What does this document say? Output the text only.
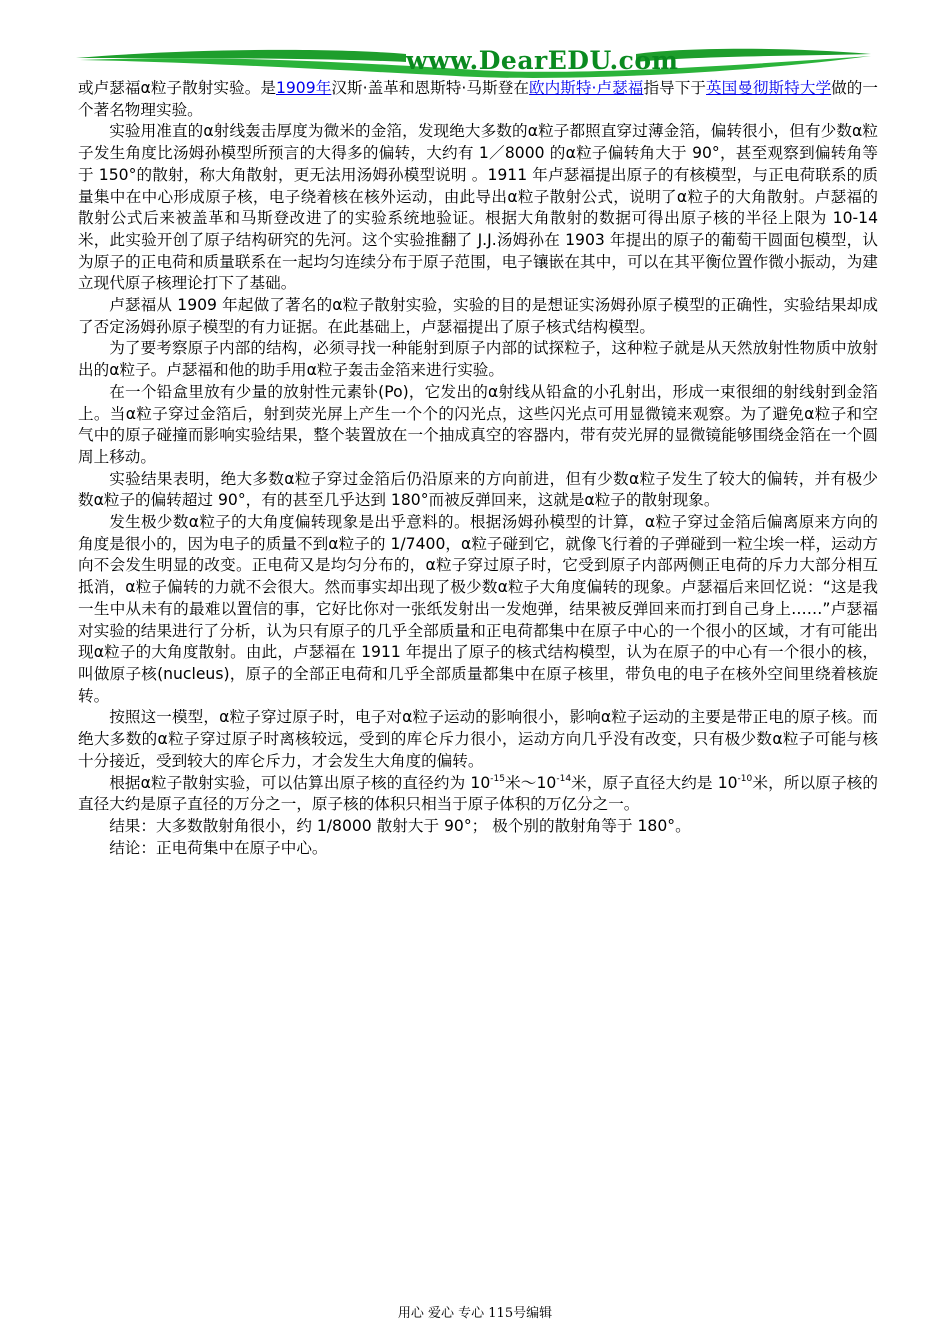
www.DearEDU.com

或卢瑟福α粒子散射实验。是1909年汉斯·盖革和恩斯特·马斯登在欧内斯特·卢瑟福指导下于英国曼彻斯特大学做的一个著名物理实验。

实验用准直的α射线轰击厚度为微米的金箔，发现绝大多数的α粒子都照直穿过薄金箔，偏转很小，但有少数α粒子发生角度比汤姆孙模型所预言的大得多的偏转，大约有 1／8000 的α粒子偏转角大于 90°，甚至观察到偏转角等于 150°的散射，称大角散射，更无法用汤姆孙模型说明 。1911 年卢瑟福提出原子的有核模型，与正电荷联系的质量集中在中心形成原子核，电子绕着核在核外运动，由此导出α粒子散射公式，说明了α粒子的大角散射。卢瑟福的散射公式后来被盖革和马斯登改进了的实验系统地验证。根据大角散射的数据可得出原子核的半径上限为 10-14 米，此实验开创了原子结构研究的先河。这个实验推翻了 J.J.汤姆孙在 1903 年提出的原子的葡萄干圆面包模型，认为原子的正电荷和质量联系在一起均匀连续分布于原子范围，电子镶嵌在其中，可以在其平衡位置作微小振动，为建立现代原子核理论打下了基础。

卢瑟福从 1909 年起做了著名的α粒子散射实验，实验的目的是想证实汤姆孙原子模型的正确性，实验结果却成了否定汤姆孙原子模型的有力证据。在此基础上，卢瑟福提出了原子核式结构模型。

为了要考察原子内部的结构，必须寻找一种能射到原子内部的试探粒子，这种粒子就是从天然放射性物质中放射出的α粒子。卢瑟福和他的助手用α粒子轰击金箔来进行实验。

在一个铅盒里放有少量的放射性元素钋(Po)，它发出的α射线从铅盒的小孔射出，形成一束很细的射线射到金箔上。当α粒子穿过金箔后，射到荧光屏上产生一个个的闪光点，这些闪光点可用显微镜来观察。为了避免α粒子和空气中的原子碰撞而影响实验结果，整个装置放在一个抽成真空的容器内，带有荧光屏的显微镜能够围绕金箔在一个圆周上移动。

实验结果表明，绝大多数α粒子穿过金箔后仍沿原来的方向前进，但有少数α粒子发生了较大的偏转，并有极少数α粒子的偏转超过 90°，有的甚至几乎达到 180°而被反弹回来，这就是α粒子的散射现象。

发生极少数α粒子的大角度偏转现象是出乎意料的。根据汤姆孙模型的计算，α粒子穿过金箔后偏离原来方向的角度是很小的，因为电子的质量不到α粒子的 1/7400，α粒子碰到它，就像飞行着的子弹碰到一粒尘埃一样，运动方向不会发生明显的改变。正电荷又是均匀分布的，α粒子穿过原子时，它受到原子内部两侧正电荷的斥力大部分相互抵消，α粒子偏转的力就不会很大。然而事实却出现了极少数α粒子大角度偏转的现象。卢瑟福后来回忆说：“这是我一生中从未有的最难以置信的事，它好比你对一张纸发射出一发炮弹，结果被反弹回来而打到自己身上……”卢瑟福对实验的结果进行了分析，认为只有原子的几乎全部质量和正电荷都集中在原子中心的一个很小的区域，才有可能出现α粒子的大角度散射。由此，卢瑟福在 1911 年提出了原子的核式结构模型，认为在原子的中心有一个很小的核，叫做原子核(nucleus)，原子的全部正电荷和几乎全部质量都集中在原子核里，带负电的电子在核外空间里绕着核旋转。

按照这一模型，α粒子穿过原子时，电子对α粒子运动的影响很小，影响α粒子运动的主要是带正电的原子核。而绝大多数的α粒子穿过原子时离核较远，受到的库仑斥力很小，运动方向几乎没有改变，只有极少数α粒子可能与核十分接近，受到较大的库仑斥力，才会发生大角度的偏转。

根据α粒子散射实验，可以估算出原子核的直径约为 $10^{-15}$米$\sim 10^{-14}$米，原子直径大约是 $10^{-10}$米，所以原子核的直径大约是原子直径的万分之一，原子核的体积只相当于原子体积的万亿分之一。

结果：大多数散射角很小，约 1/8000 散射大于 90°； 极个别的散射角等于 180°。

结论：正电荷集中在原子中心。

用心 爱心 专心 115号编辑
